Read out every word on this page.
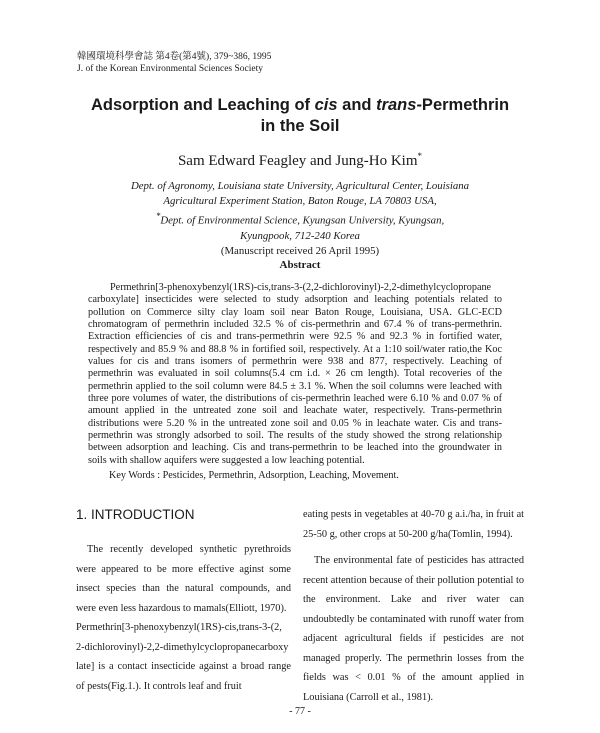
韓國環境科學會誌 第4卷(第4號), 379~386, 1995
J. of the Korean Environmental Sciences Society
Adsorption and Leaching of cis and trans-Permethrin
in the Soil
Sam Edward Feagley and Jung-Ho Kim*
Dept. of Agronomy, Louisiana state University, Agricultural Center, Louisiana
Agricultural Experiment Station, Baton Rouge, LA 70803 USA,
*Dept. of Environmental Science, Kyungsan University, Kyungsan,
Kyungpook, 712-240 Korea
(Manuscript received 26 April 1995)
Abstract

Permethrin[3-phenoxybenzyl(1RS)-cis,trans-3-(2,2-dichlorovinyl)-2,2-dimethylcyclopropane carboxylate] insecticides were selected to study adsorption and leaching potentials related to pollution on Commerce silty clay loam soil near Baton Rouge, Louisiana, USA. GLC-ECD chromatogram of permethrin included 32.5 % of cis-permethrin and 67.4 % of trans-permethrin. Extraction efficiencies of cis and trans-permethrin were 92.5 % and 92.3 % in fortified water, respectively and 85.9 % and 88.8 % in fortified soil, respectively. At a 1:10 soil/water ratio,the Koc values for cis and trans isomers of permethrin were 938 and 877, respectively. Leaching of permethrin was evaluated in soil columns(5.4 cm i.d. × 26 cm length). Total recoveries of the permethrin applied to the soil column were 84.5 ± 3.1 %. When the soil columns were leached with three pore volumes of water, the distributions of cis-permethrin leached were 6.10 % and 0.07 % of amount applied in the untreated zone soil and leachate water, respectively. Trans-permethrin distributions were 5.20 % in the untreated zone soil and 0.05 % in leachate water. Cis and trans-permethrin was strongly adsorbed to soil. The results of the study showed the strong relationship between adsorption and leaching. Cis and trans-permethrin to be leached into the groundwater in soils with shallow aquifers were suggested a low leaching potential.

Key Words : Pesticides, Permethrin, Adsorption, Leaching, Movement.
1. INTRODUCTION

The recently developed synthetic pyrethroids were appeared to be more effective aginst some insect species than the natural compounds, and were even less hazardous to mamals(Elliott, 1970).

Permethrin[3-phenoxybenzyl(1RS)-cis,trans-3-(2, 2-dichlorovinyl)-2,2-dimethylcyclopropanecarboxy late] is a contact insecticide against a broad range of pests(Fig.1.). It controls leaf and fruit

eating pests in vegetables at 40-70 g a.i./ha, in fruit at 25-50 g, other crops at 50-200 g/ha(Tomlin, 1994).

The environmental fate of pesticides has attracted recent attention because of their pollution potential to the environment. Lake and river water can undoubtedly be contaminated with runoff water from adjacent agricultural fields if pesticides are not managed properly. The permethrin losses from the fields was < 0.01 % of the amount applied in Louisiana (Carroll et al., 1981).

- 77 -
